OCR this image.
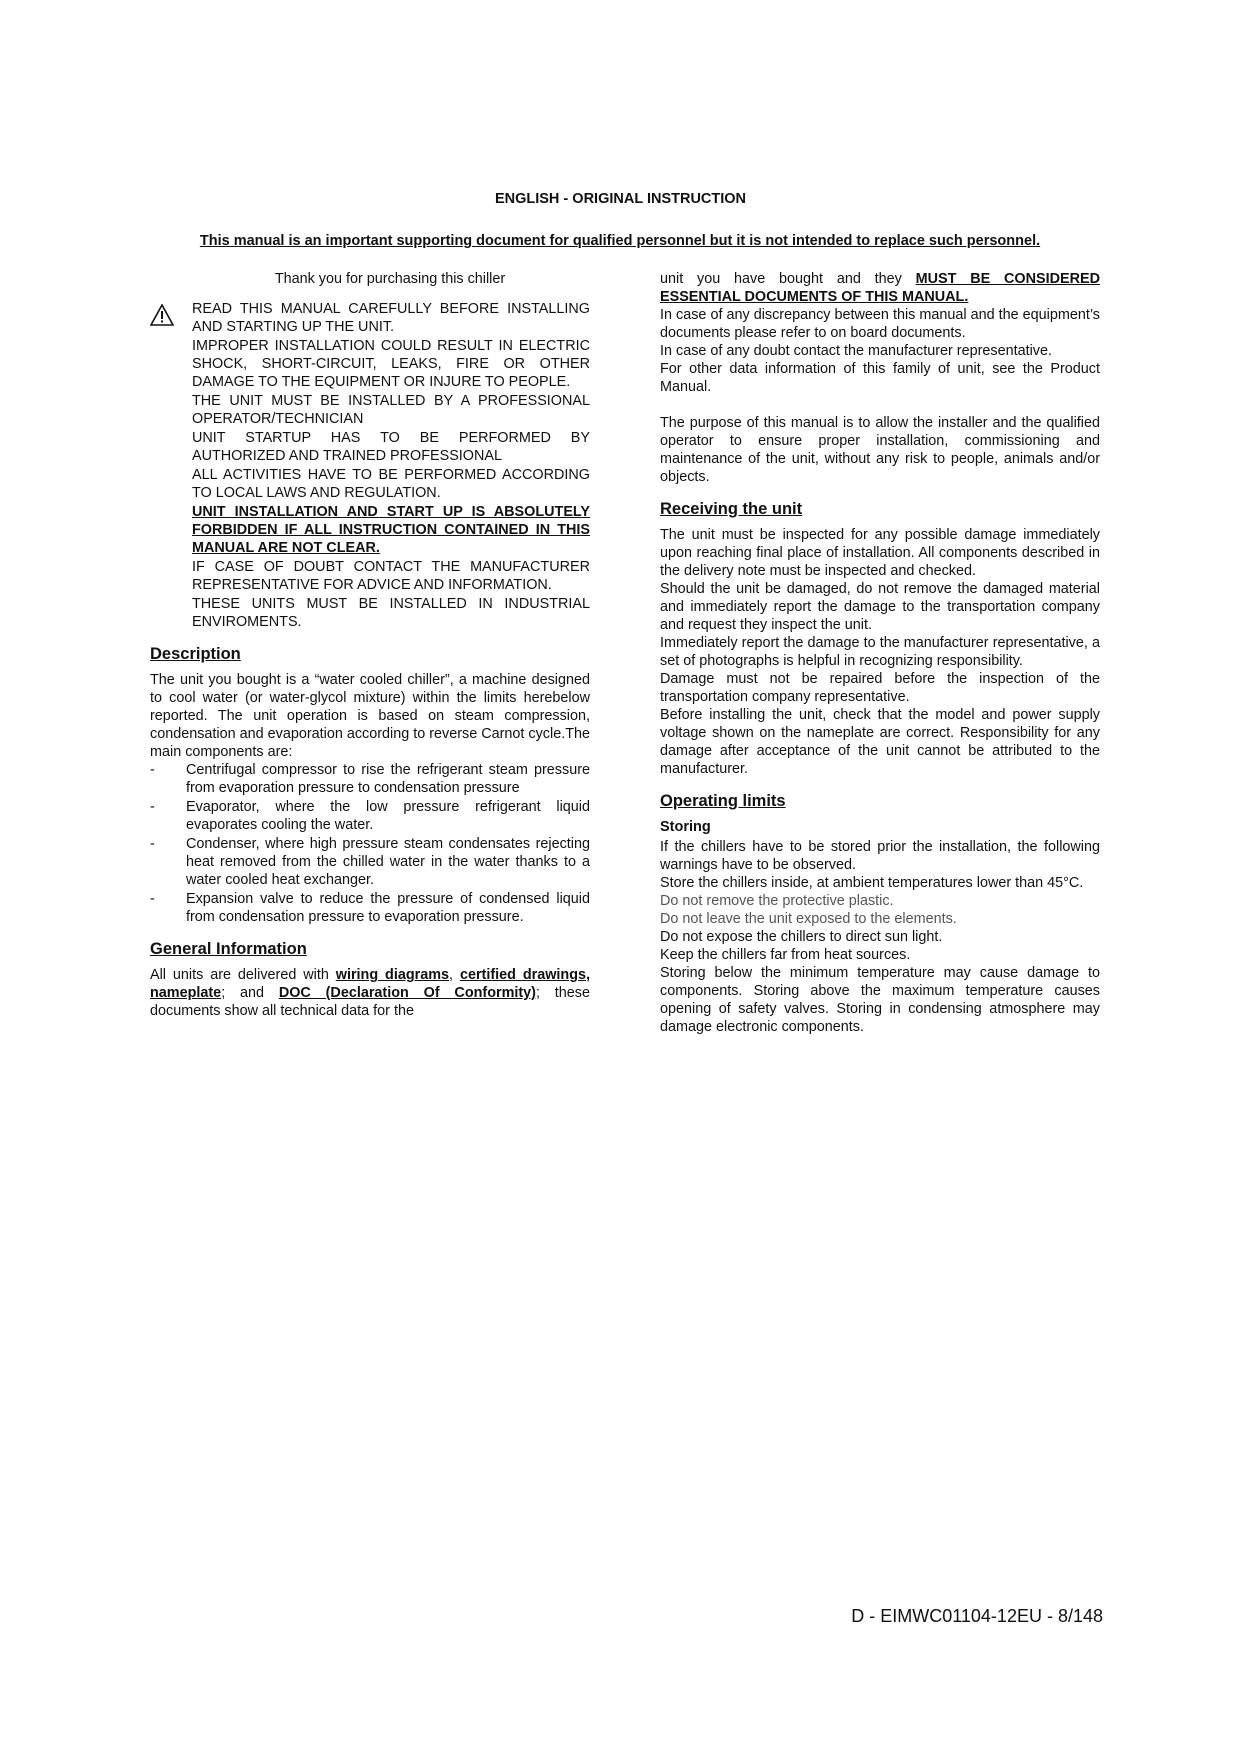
ENGLISH - ORIGINAL INSTRUCTION
This manual is an important supporting document for qualified personnel but it is not intended to replace such personnel.

Thank you for purchasing this chiller

READ THIS MANUAL CAREFULLY BEFORE INSTALLING AND STARTING UP THE UNIT.

IMPROPER INSTALLATION COULD RESULT IN ELECTRIC SHOCK, SHORT-CIRCUIT, LEAKS, FIRE OR OTHER DAMAGE TO THE EQUIPMENT OR INJURE TO PEOPLE.

THE UNIT MUST BE INSTALLED BY A PROFESSIONAL OPERATOR/TECHNICIAN

UNIT STARTUP HAS TO BE PERFORMED BY AUTHORIZED AND TRAINED PROFESSIONAL

ALL ACTIVITIES HAVE TO BE PERFORMED ACCORDING TO LOCAL LAWS AND REGULATION.

UNIT INSTALLATION AND START UP IS ABSOLUTELY FORBIDDEN IF ALL INSTRUCTION CONTAINED IN THIS MANUAL ARE NOT CLEAR.

IF CASE OF DOUBT CONTACT THE MANUFACTURER REPRESENTATIVE FOR ADVICE AND INFORMATION.

THESE UNITS MUST BE INSTALLED IN INDUSTRIAL ENVIROMENTS.

Description

The unit you bought is a “water cooled chiller”, a machine designed to cool water (or water-glycol mixture) within the limits herebelow reported. The unit operation is based on steam compression, condensation and evaporation according to reverse Carnot cycle.The main components are:

- Centrifugal compressor to rise the refrigerant steam pressure from evaporation pressure to condensation pressure
- Evaporator, where the low pressure refrigerant liquid evaporates cooling the water.
- Condenser, where high pressure steam condensates rejecting heat removed from the chilled water in the water thanks to a water cooled heat exchanger.
- Expansion valve to reduce the pressure of condensed liquid from condensation pressure to evaporation pressure.
General Information

All units are delivered with wiring diagrams, certified drawings, nameplate; and DOC (Declaration Of Conformity); these documents show all technical data for the

unit you have bought and they MUST BE CONSIDERED ESSENTIAL DOCUMENTS OF THIS MANUAL.

In case of any discrepancy between this manual and the equipment’s documents please refer to on board documents.

In case of any doubt contact the manufacturer representative.

For other data information of this family of unit, see the Product Manual.

The purpose of this manual is to allow the installer and the qualified operator to ensure proper installation, commissioning and maintenance of the unit, without any risk to people, animals and/or objects.

Receiving the unit

The unit must be inspected for any possible damage immediately upon reaching final place of installation. All components described in the delivery note must be inspected and checked.

Should the unit be damaged, do not remove the damaged material and immediately report the damage to the transportation company and request they inspect the unit.

Immediately report the damage to the manufacturer representative, a set of photographs is helpful in recognizing responsibility.

Damage must not be repaired before the inspection of the transportation company representative.

Before installing the unit, check that the model and power supply voltage shown on the nameplate are correct. Responsibility for any damage after acceptance of the unit cannot be attributed to the manufacturer.

Operating limits
Storing

If the chillers have to be stored prior the installation, the following warnings have to be observed.

Store the chillers inside, at ambient temperatures lower than 45°C.

Do not remove the protective plastic.

Do not leave the unit exposed to the elements.

Do not expose the chillers to direct sun light.

Keep the chillers far from heat sources.

Storing below the minimum temperature may cause damage to components. Storing above the maximum temperature causes opening of safety valves. Storing in condensing atmosphere may damage electronic components.

D - EIMWC01104-12EU - 8/148
